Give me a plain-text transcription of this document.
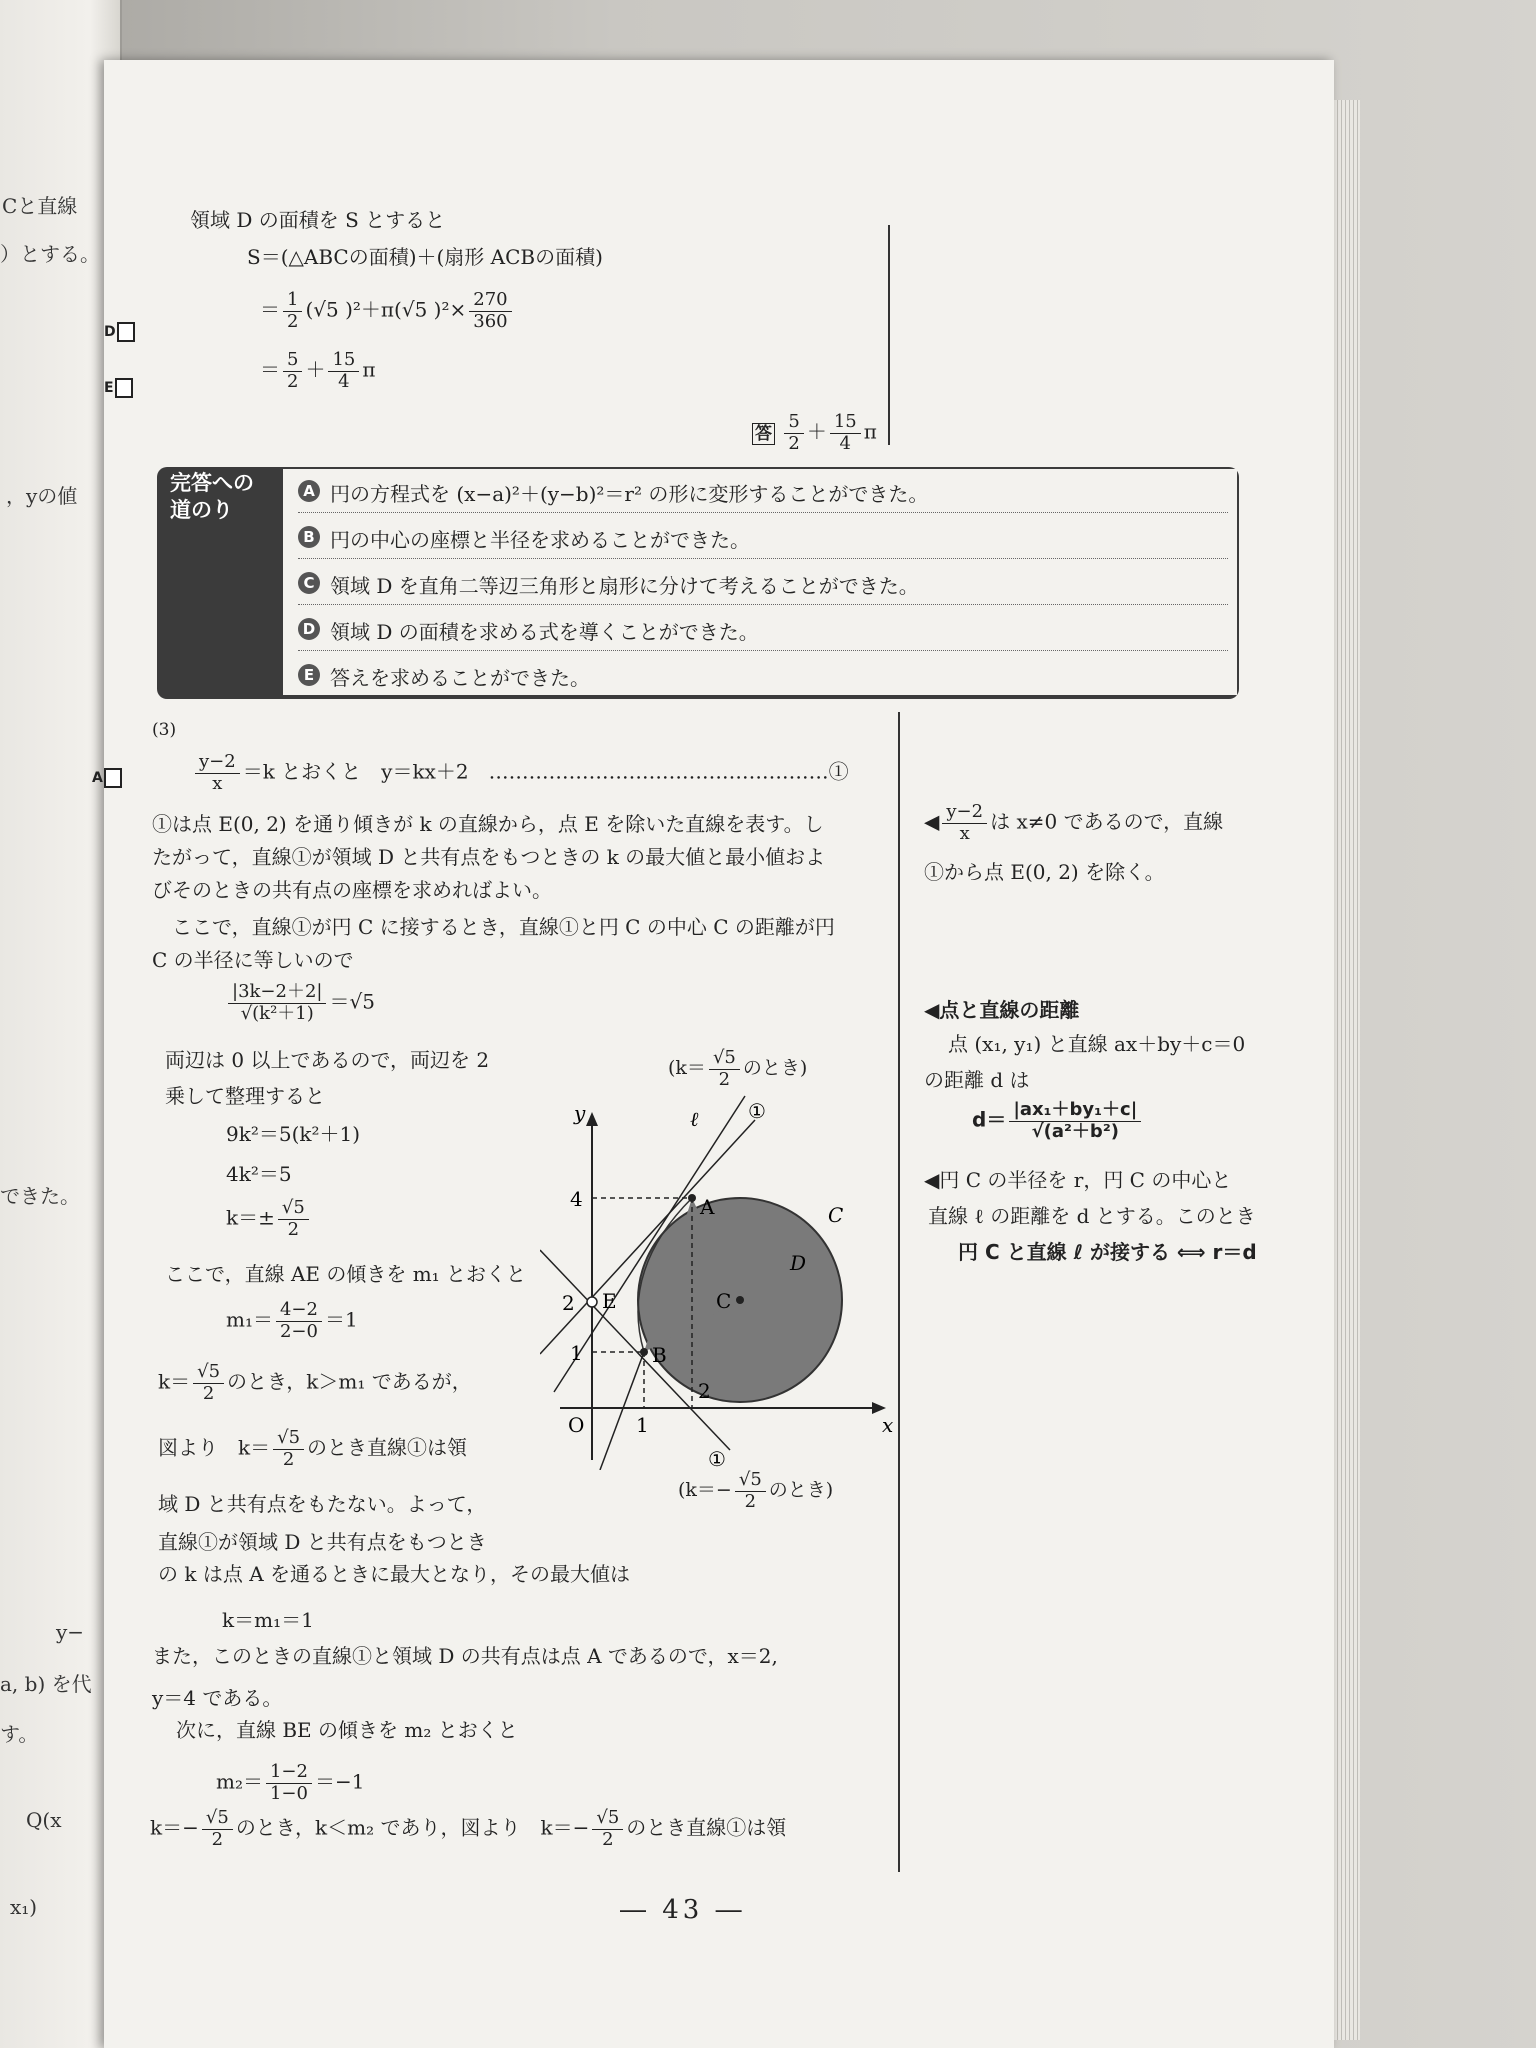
Cと直線
）とする。
，yの値
できた。
y−
a, b) を代
す。
Q(x
x₁)
領域 D の面積を S とすると
S＝(△ABCの面積)＋(扇形 ACBの面積)
＝ $\frac{1}{2} (√5$ )²＋π(√5 )$^2\times \frac{270}{360}$
＝ $\frac{5}{2} + \frac{15}{4}$ π
答 $\frac{5}{2} + \frac{15}{4}$ π
完答への
道のり
A 円の方程式を (x−a)²＋(y−b)²＝r² の形に変形することができた。
B 円の中心の座標と半径を求めることができた。
C 領域 D を直角二等辺三角形と扇形に分けて考えることができた。
D 領域 D の面積を求める式を導くことができた。
E 答えを求めることができた。
D
E
A
(3)
$\frac{y-2}{x} =k$ とおくと　y＝kx＋2　……………………………………………①
①は点 E(0, 2) を通り傾きが k の直線から，点 E を除いた直線を表す。し
たがって，直線①が領域 D と共有点をもつときの k の最大値と最小値およ
びそのときの共有点の座標を求めればよい。
ここで，直線①が円 C に接するとき，直線①と円 C の中心 C の距離が円
C の半径に等しいので
$\frac{|3k-2+2|}{\text{√(k²＋1)}} =√5$
両辺は 0 以上であるので，両辺を 2
乗して整理すると
9k²＝5(k²＋1)
4k²＝5
$k=\pm \frac{√5}{2}$
ここで，直線 AE の傾きを m₁ とおくと
$m_1= \frac{4-2}{2-0} =1$
$k= \frac{√5}{2}$ のとき，k＞m₁ であるが，
図より　$k= \frac{√5}{2}$ のとき直線①は領
域 D と共有点をもたない。よって，
直線①が領域 D と共有点をもつとき
の k は点 A を通るときに最大となり，その最大値は
k＝m₁＝1
また，このときの直線①と領域 D の共有点は点 A であるので，x＝2,
y＝4 である。
次に，直線 BE の傾きを m₂ とおくと
$m_2= \frac{1-2}{1-0} =-1$
$k=- \frac{√5}{2}$ のとき，k＜m₂ であり，図より　$k=- \frac{√5}{2}$ のとき直線①は領
($k= \frac{√5}{2}$ のとき)
($k=- \frac{√5}{2}$ のとき)
y
x
O
4
2
1
1
2
A
B
E	C
C
D
ℓ ①
①
◀ $\frac{y-2}{x}$ は x≠0 であるので，直線
①から点 E(0, 2) を除く。
◀点と直線の距離
点 (x₁, y₁) と直線 ax＋by＋c＝0
の距離 d は
$d= \frac{\text{|ax₁＋by₁＋c|}}{\text{√(a²＋b²)}}$
◀円 C の半径を r，円 C の中心と
直線 ℓ の距離を d とする。このとき
円 C と直線 ℓ が接する ⟺ r＝d
― 43 ―
